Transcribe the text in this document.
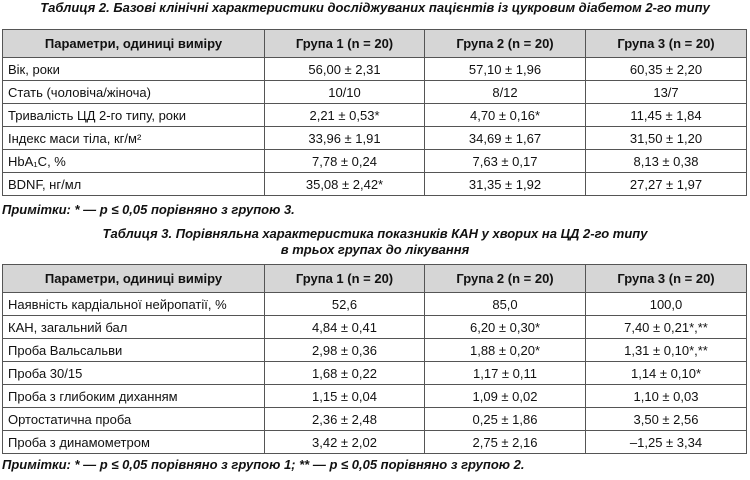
Таблиця 2. Базові клінічні характеристики досліджуваних пацієнтів із цукровим діабетом 2-го типу
Параметри, одиниці виміру	Група 1 (n = 20)	Група 2 (n = 20)	Група 3 (n = 20)
Вік, роки	56,00 ± 2,31	57,10 ± 1,96	60,35 ± 2,20
Стать (чоловіча/жіноча)	10/10	8/12	13/7
Тривалість ЦД 2-го типу, роки	2,21 ± 0,53*	4,70 ± 0,16*	11,45 ± 1,84
Індекс маси тіла, кг/м²	33,96 ± 1,91	34,69 ± 1,67	31,50 ± 1,20
HbA₁C, %	7,78 ± 0,24	7,63 ± 0,17	8,13 ± 0,38
BDNF, нг/мл	35,08 ± 2,42*	31,35 ± 1,92	27,27 ± 1,97
Примітки: * — p ≤ 0,05 порівняно з групою 3.
Таблиця 3. Порівняльна характеристика показників КАН у хворих на ЦД 2-го типу
в трьох групах до лікування
Параметри, одиниці виміру	Група 1 (n = 20)	Група 2 (n = 20)	Група 3 (n = 20)
Наявність кардіальної нейропатії, %	52,6	85,0	100,0
КАН, загальний бал	4,84 ± 0,41	6,20 ± 0,30*	7,40 ± 0,21*,**
Проба Вальсальви	2,98 ± 0,36	1,88 ± 0,20*	1,31 ± 0,10*,**
Проба 30/15	1,68 ± 0,22	1,17 ± 0,11	1,14 ± 0,10*
Проба з глибоким диханням	1,15 ± 0,04	1,09 ± 0,02	1,10 ± 0,03
Ортостатична проба	2,36 ± 2,48	0,25 ± 1,86	3,50 ± 2,56
Проба з динамометром	3,42 ± 2,02	2,75 ± 2,16	–1,25 ± 3,34
Примітки: * — p ≤ 0,05 порівняно з групою 1; ** — p ≤ 0,05 порівняно з групою 2.
